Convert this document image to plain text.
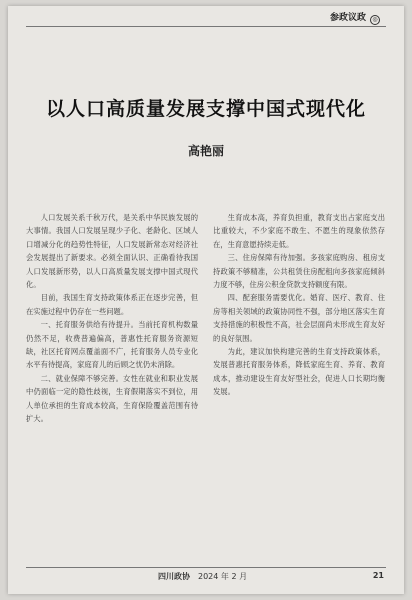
参政议政 ◎
以人口高质量发展支撑中国式现代化
高艳丽

人口发展关系千秋万代，是关系中华民族发展的大事情。我国人口发展呈现少子化、老龄化、区域人口增减分化的趋势性特征，人口发展新常态对经济社会发展提出了新要求。必须全面认识、正确看待我国人口发展新形势，以人口高质量发展支撑中国式现代化。

目前，我国生育支持政策体系正在逐步完善，但在实施过程中仍存在一些问题。

一、托育服务供给有待提升。当前托育机构数量仍然不足，收费普遍偏高，普惠性托育服务资源短缺，社区托育网点覆盖面不广，托育服务人员专业化水平有待提高，家庭育儿的后顾之忧仍未消除。

二、就业保障不够完善。女性在就业和职业发展中仍面临一定的隐性歧视，生育假期落实不到位，用人单位承担的生育成本较高，生育保险覆盖范围有待扩大。

生育成本高，养育负担重，教育支出占家庭支出比重较大，不少家庭不敢生、不愿生的现象依然存在，生育意愿持续走低。

三、住房保障有待加强。多孩家庭购房、租房支持政策不够精准，公共租赁住房配租向多孩家庭倾斜力度不够，住房公积金贷款支持额度有限。

四、配套服务需要优化。婚育、医疗、教育、住房等相关领域的政策协同性不强，部分地区落实生育支持措施的积极性不高，社会层面尚未形成生育友好的良好氛围。

为此，建议加快构建完善的生育支持政策体系，发展普惠托育服务体系，降低家庭生育、养育、教育成本，推动建设生育友好型社会，促进人口长期均衡发展。

四川政协 2024 年 2 月	21
